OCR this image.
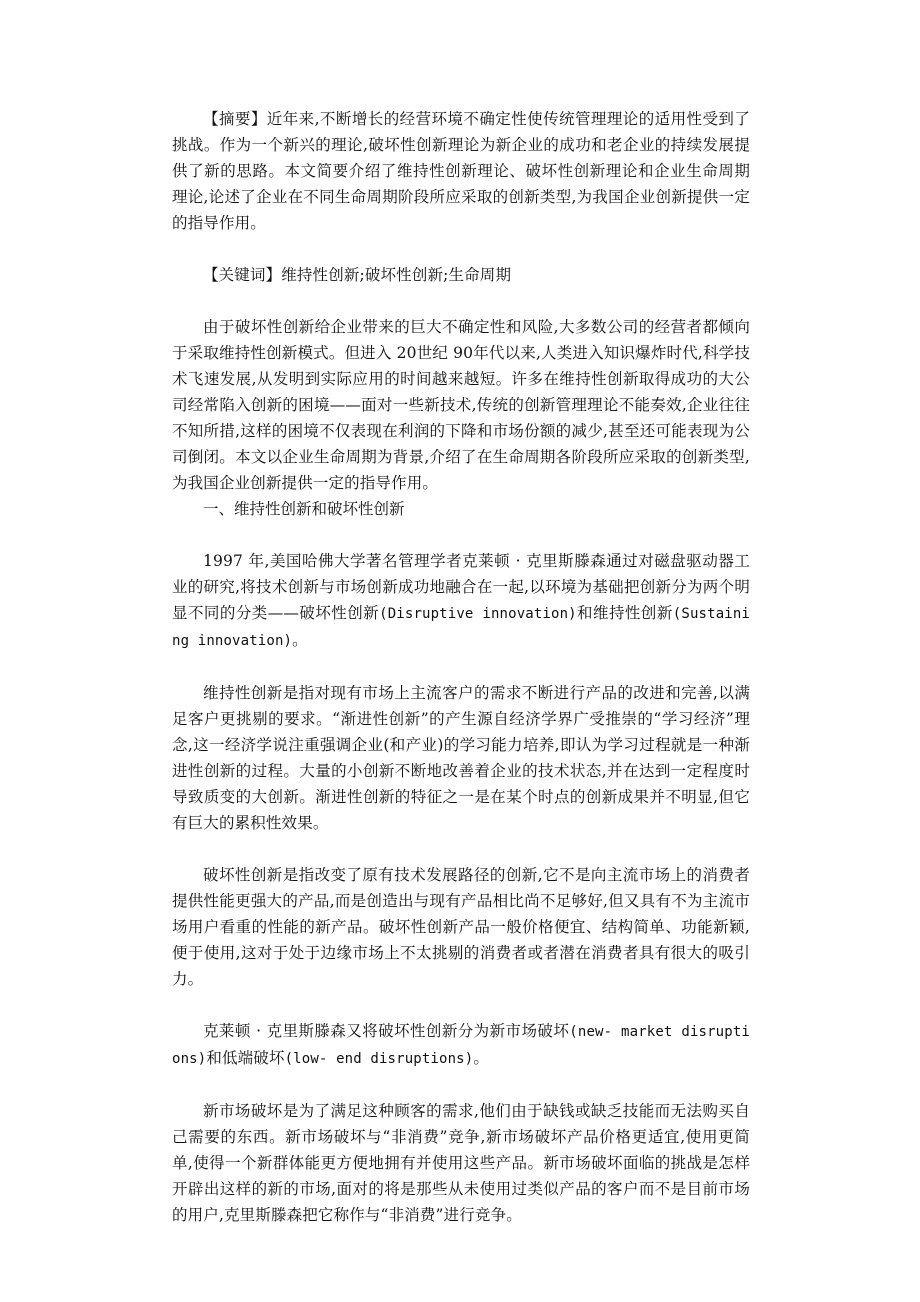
【摘要】近年来,不断增长的经营环境不确定性使传统管理理论的适用性受到了挑战。作为一个新兴的理论,破坏性创新理论为新企业的成功和老企业的持续发展提供了新的思路。本文简要介绍了维持性创新理论、破坏性创新理论和企业生命周期理论,论述了企业在不同生命周期阶段所应采取的创新类型,为我国企业创新提供一定的指导作用。

【关键词】维持性创新;破坏性创新;生命周期

由于破坏性创新给企业带来的巨大不确定性和风险,大多数公司的经营者都倾向于采取维持性创新模式。但进入 20世纪 90年代以来,人类进入知识爆炸时代,科学技术飞速发展,从发明到实际应用的时间越来越短。许多在维持性创新取得成功的大公司经常陷入创新的困境——面对一些新技术,传统的创新管理理论不能奏效,企业往往不知所措,这样的困境不仅表现在利润的下降和市场份额的减少,甚至还可能表现为公司倒闭。本文以企业生命周期为背景,介绍了在生命周期各阶段所应采取的创新类型,为我国企业创新提供一定的指导作用。

一、维持性创新和破坏性创新

1997 年,美国哈佛大学著名管理学者克莱顿 · 克里斯滕森通过对磁盘驱动器工业的研究,将技术创新与市场创新成功地融合在一起,以环境为基础把创新分为两个明显不同的分类——破坏性创新(Disruptive innovation)和维持性创新(Sustaining innovation)。

维持性创新是指对现有市场上主流客户的需求不断进行产品的改进和完善,以满足客户更挑剔的要求。“渐进性创新”的产生源自经济学界广受推崇的“学习经济”理念,这一经济学说注重强调企业(和产业)的学习能力培养,即认为学习过程就是一种渐进性创新的过程。大量的小创新不断地改善着企业的技术状态,并在达到一定程度时导致质变的大创新。渐进性创新的特征之一是在某个时点的创新成果并不明显,但它有巨大的累积性效果。

破坏性创新是指改变了原有技术发展路径的创新,它不是向主流市场上的消费者提供性能更强大的产品,而是创造出与现有产品相比尚不足够好,但又具有不为主流市场用户看重的性能的新产品。破坏性创新产品一般价格便宜、结构简单、功能新颖,便于使用,这对于处于边缘市场上不太挑剔的消费者或者潜在消费者具有很大的吸引力。

克莱顿 · 克里斯滕森又将破坏性创新分为新市场破坏(new- market disruptions)和低端破坏(low- end disruptions)。

新市场破坏是为了满足这种顾客的需求,他们由于缺钱或缺乏技能而无法购买自己需要的东西。新市场破坏与“非消费”竞争,新市场破坏产品价格更适宜,使用更简单,使得一个新群体能更方便地拥有并使用这些产品。新市场破坏面临的挑战是怎样开辟出这样的新的市场,面对的将是那些从未使用过类似产品的客户而不是目前市场的用户,克里斯滕森把它称作与“非消费”进行竞争。
